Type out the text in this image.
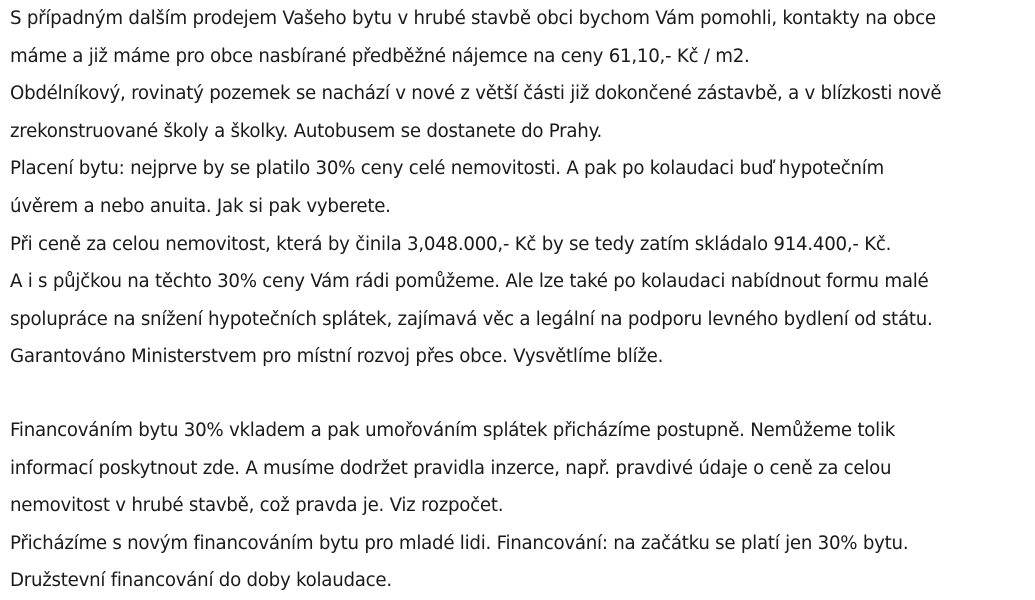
S případným dalším prodejem Vašeho bytu v hrubé stavbě obci bychom Vám pomohli, kontakty na obce
máme a již máme pro obce nasbírané předběžné nájemce na ceny 61,10,- Kč / m2.
Obdélníkový, rovinatý pozemek se nachází v nové z větší části již dokončené zástavbě, a v blízkosti nově
zrekonstruované školy a školky. Autobusem se dostanete do Prahy.
Placení bytu: nejprve by se platilo 30% ceny celé nemovitosti. A pak po kolaudaci buď hypotečním
úvěrem a nebo anuita. Jak si pak vyberete.
Při ceně za celou nemovitost, která by činila 3,048.000,- Kč by se tedy zatím skládalo 914.400,- Kč.
A i s půjčkou na těchto 30% ceny Vám rádi pomůžeme. Ale lze také po kolaudaci nabídnout formu malé
spolupráce na snížení hypotečních splátek, zajímavá věc a legální na podporu levného bydlení od státu.
Garantováno Ministerstvem pro místní rozvoj přes obce. Vysvětlíme blíže.
Financováním bytu 30% vkladem a pak umořováním splátek přicházíme postupně. Nemůžeme tolik
informací poskytnout zde. A musíme dodržet pravidla inzerce, např. pravdivé údaje o ceně za celou
nemovitost v hrubé stavbě, což pravda je. Viz rozpočet.
Přicházíme s novým financováním bytu pro mladé lidi. Financování: na začátku se platí jen 30% bytu.
Družstevní financování do doby kolaudace.
